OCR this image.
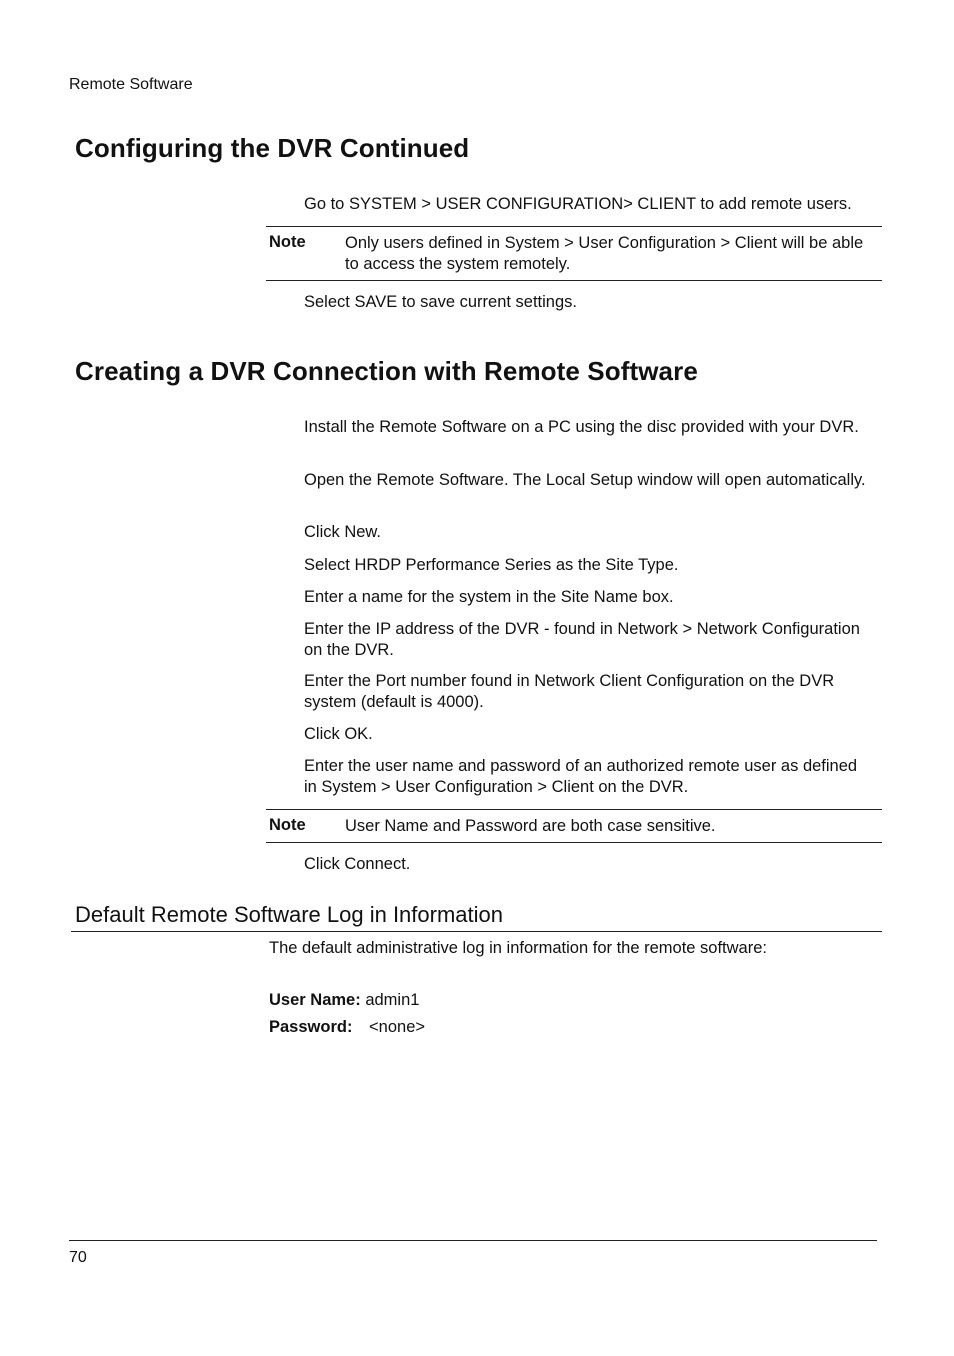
Remote Software
Configuring the DVR Continued
Go to SYSTEM > USER CONFIGURATION> CLIENT to add remote users.
Note Only users defined in System > User Configuration > Client will be able to access the system remotely.
Select SAVE to save current settings.
Creating a DVR Connection with Remote Software
Install the Remote Software on a PC using the disc provided with your DVR.
Open the Remote Software. The Local Setup window will open automatically.
Click New.
Select HRDP Performance Series as the Site Type.
Enter a name for the system in the Site Name box.
Enter the IP address of the DVR - found in Network > Network Configuration on the DVR.
Enter the Port number found in Network Client Configuration on the DVR system (default is 4000).
Click OK.
Enter the user name and password of an authorized remote user as defined in System > User Configuration > Client on the DVR.
Note User Name and Password are both case sensitive.
Click Connect.
Default Remote Software Log in Information
The default administrative log in information for the remote software:
User Name: admin1
Password: <none>
70
